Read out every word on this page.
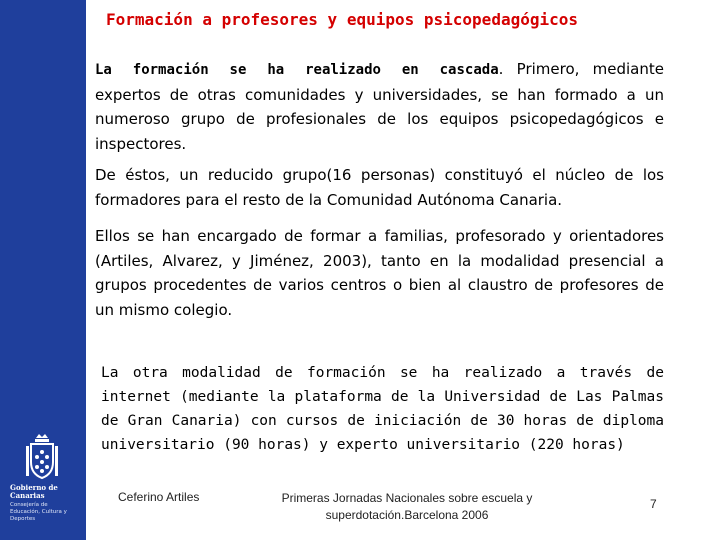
Gobierno de Canarias
Consejería de Educación, Cultura y Deportes
Formación a profesores y equipos psicopedagógicos

La formación se ha realizado en cascada. Primero, mediante expertos de otras comunidades y universidades, se han formado a un numeroso grupo de profesionales de los equipos psicopedagógicos e inspectores.

De éstos, un reducido grupo(16 personas) constituyó el núcleo de los formadores para el resto de la Comunidad Autónoma Canaria.

Ellos se han encargado de formar a familias, profesorado y orientadores (Artiles, Alvarez, y Jiménez, 2003), tanto en la modalidad presencial a grupos procedentes de varios centros o bien al claustro de profesores de un mismo colegio.

La otra modalidad de formación se ha realizado a través de internet (mediante la plataforma de la Universidad de Las Palmas de Gran Canaria) con cursos de iniciación de 30 horas de diploma universitario (90 horas) y experto universitario (220 horas)

Ceferino Artiles	Primeras Jornadas Nacionales sobre escuela y superdotación.Barcelona 2006
7
